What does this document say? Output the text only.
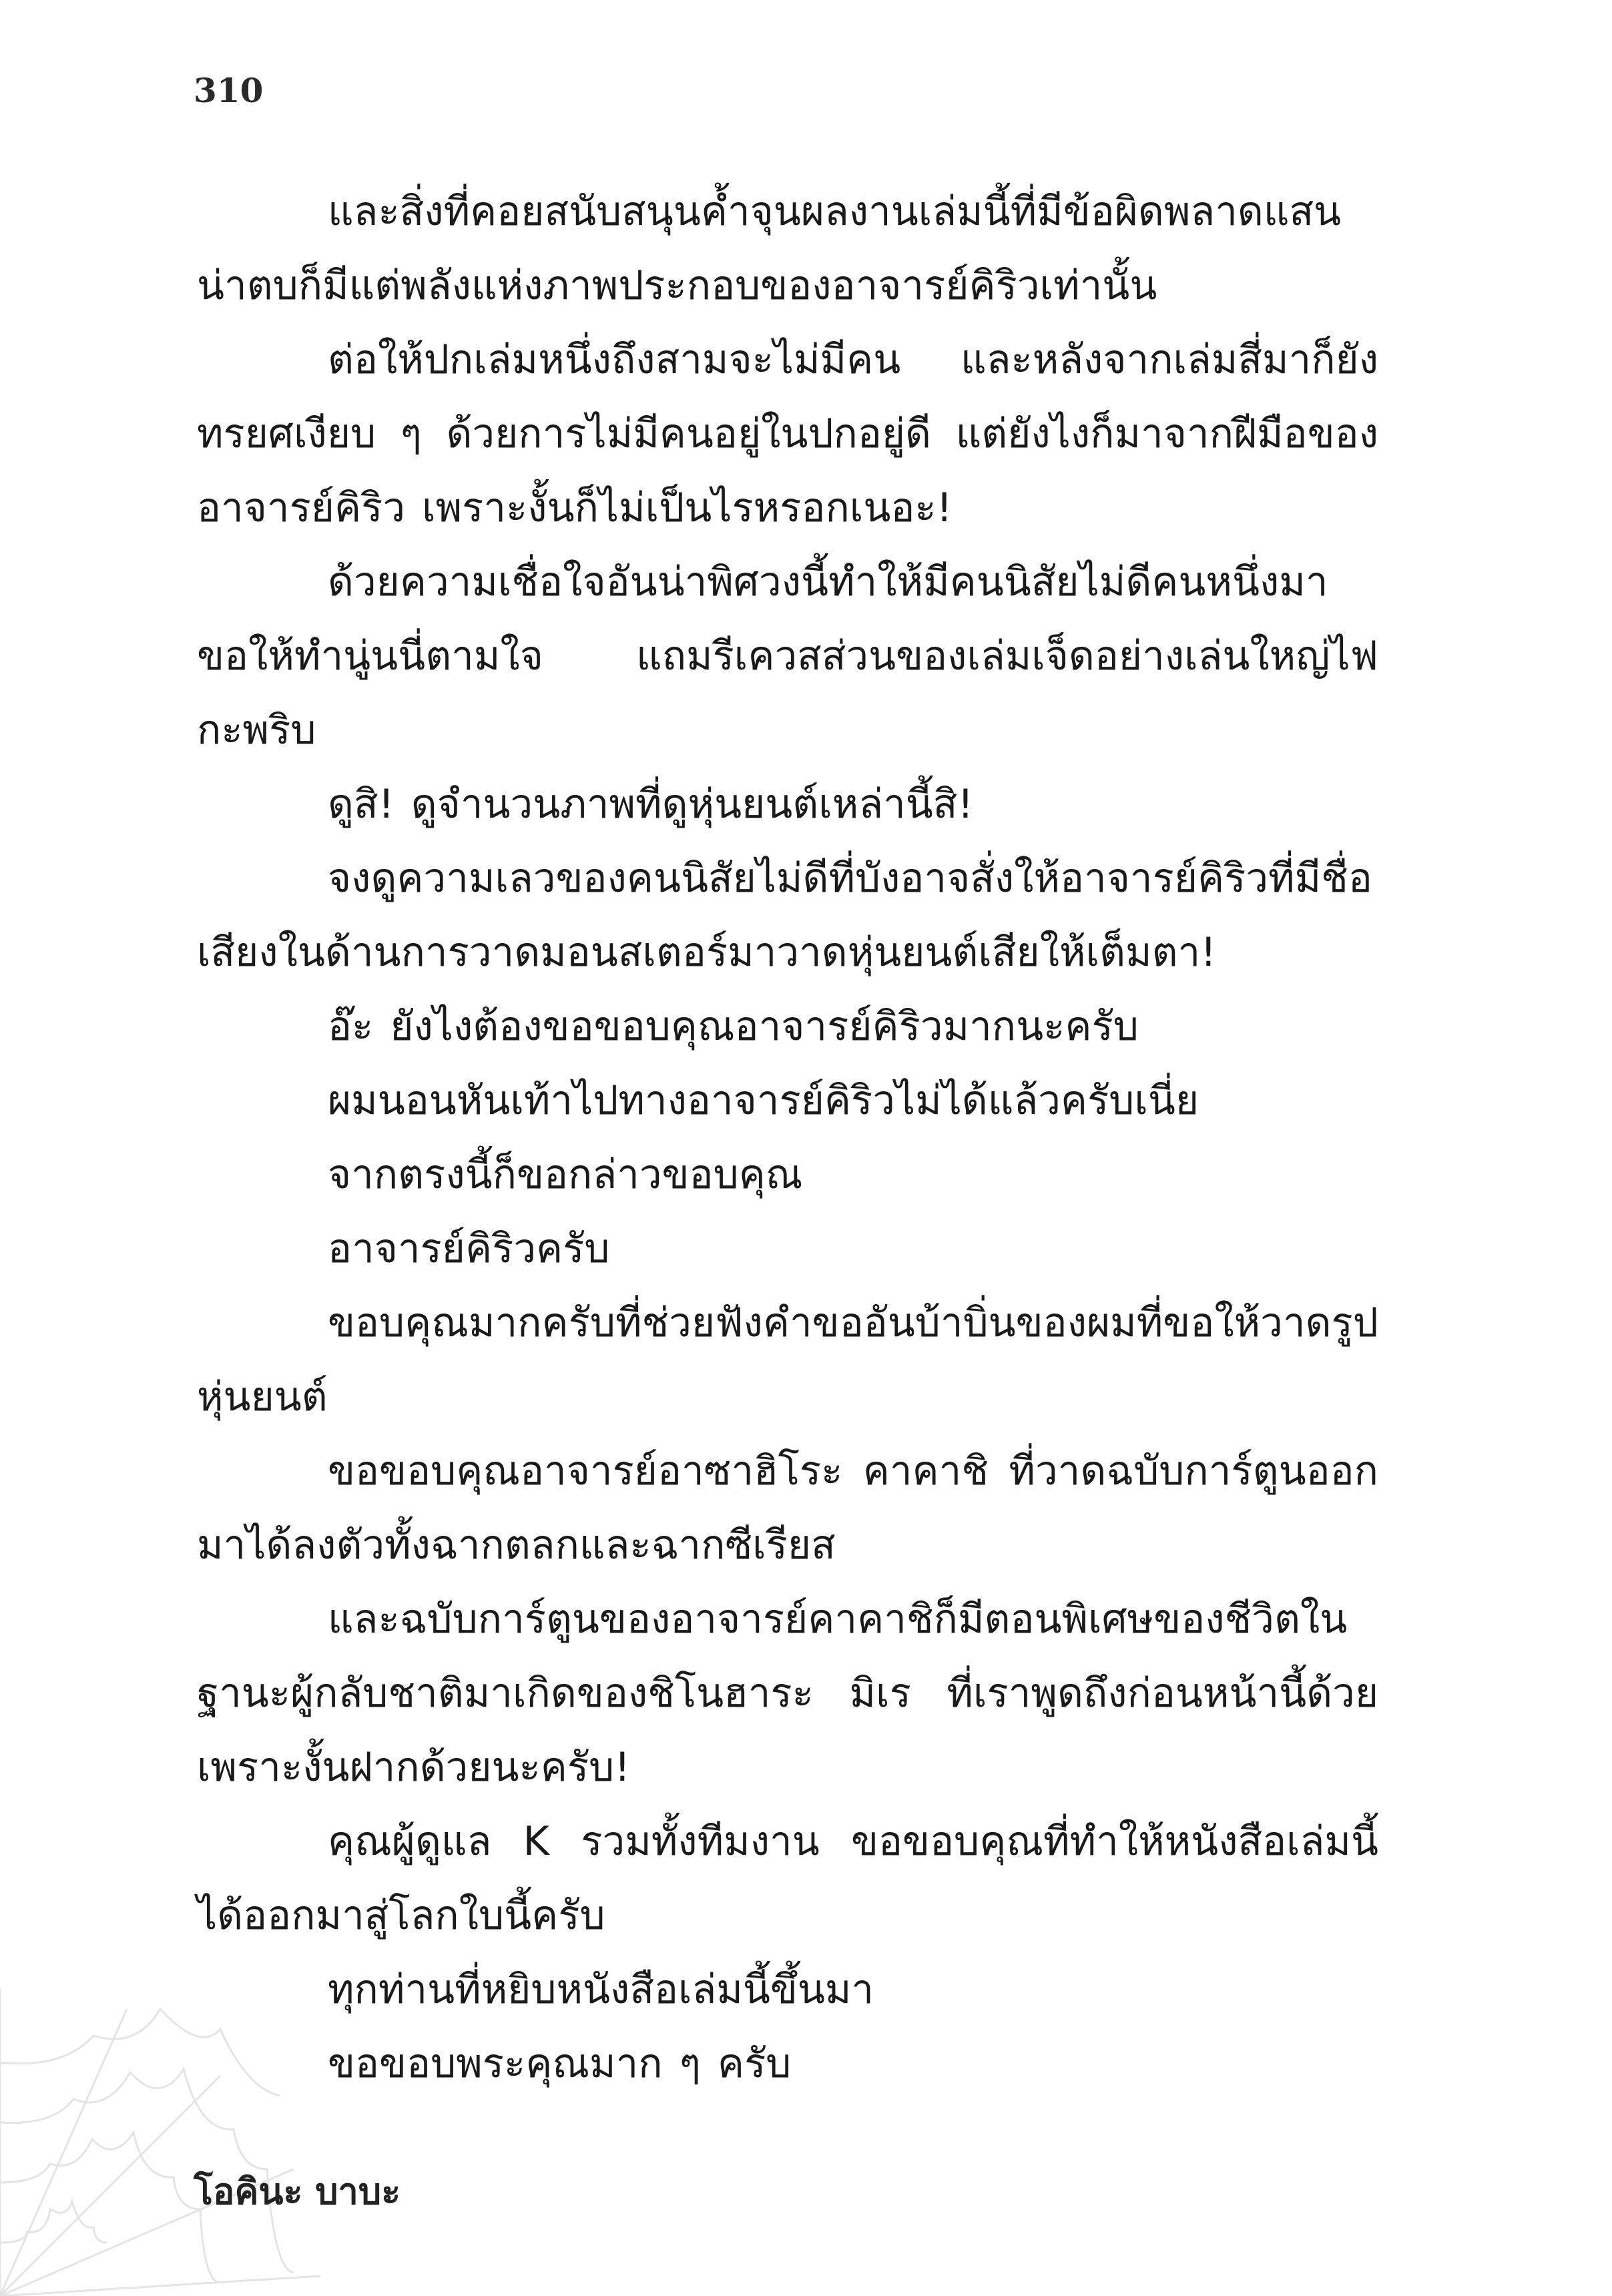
310

และสิ่งที่คอยสนับสนุนค้ำจุนผลงานเล่มนี้ที่มีข้อผิดพลาดแสนน่าตบก็มีแต่พลังแห่งภาพประกอบของอาจารย์คิริวเท่านั้น

ต่อให้ปกเล่มหนึ่งถึงสามจะไม่มีคน และหลังจากเล่มสี่มาก็ยังทรยศเงียบ ๆ ด้วยการไม่มีคนอยู่ในปกอยู่ดี แต่ยังไงก็มาจากฝีมือของอาจารย์คิริว เพราะงั้นก็ไม่เป็นไรหรอกเนอะ!

ด้วยความเชื่อใจอันน่าพิศวงนี้ทำให้มีคนนิสัยไม่ดีคนหนึ่งมาขอให้ทำนู่นนี่ตามใจ แถมรีเควสส่วนของเล่มเจ็ดอย่างเล่นใหญ่ไฟกะพริบ

ดูสิ! ดูจำนวนภาพที่ดูหุ่นยนต์เหล่านี้สิ!

จงดูความเลวของคนนิสัยไม่ดีที่บังอาจสั่งให้อาจารย์คิริวที่มีชื่อเสียงในด้านการวาดมอนสเตอร์มาวาดหุ่นยนต์เสียให้เต็มตา!

อ๊ะ ยังไงต้องขอขอบคุณอาจารย์คิริวมากนะครับ

ผมนอนหันเท้าไปทางอาจารย์คิริวไม่ได้แล้วครับเนี่ย

จากตรงนี้ก็ขอกล่าวขอบคุณ

อาจารย์คิริวครับ

ขอบคุณมากครับที่ช่วยฟังคำขออันบ้าบิ่นของผมที่ขอให้วาดรูปหุ่นยนต์

ขอขอบคุณอาจารย์อาซาฮิโระ คาคาชิ ที่วาดฉบับการ์ตูนออกมาได้ลงตัวทั้งฉากตลกและฉากซีเรียส

และฉบับการ์ตูนของอาจารย์คาคาชิก็มีตอนพิเศษของชีวิตในฐานะผู้กลับชาติมาเกิดของชิโนฮาระ มิเร ที่เราพูดถึงก่อนหน้านี้ด้วย เพราะงั้นฝากด้วยนะครับ!

คุณผู้ดูแล K รวมทั้งทีมงาน ขอขอบคุณที่ทำให้หนังสือเล่มนี้ได้ออกมาสู่โลกใบนี้ครับ

ทุกท่านที่หยิบหนังสือเล่มนี้ขึ้นมา

ขอขอบพระคุณมาก ๆ ครับ

โอคินะ บาบะ
